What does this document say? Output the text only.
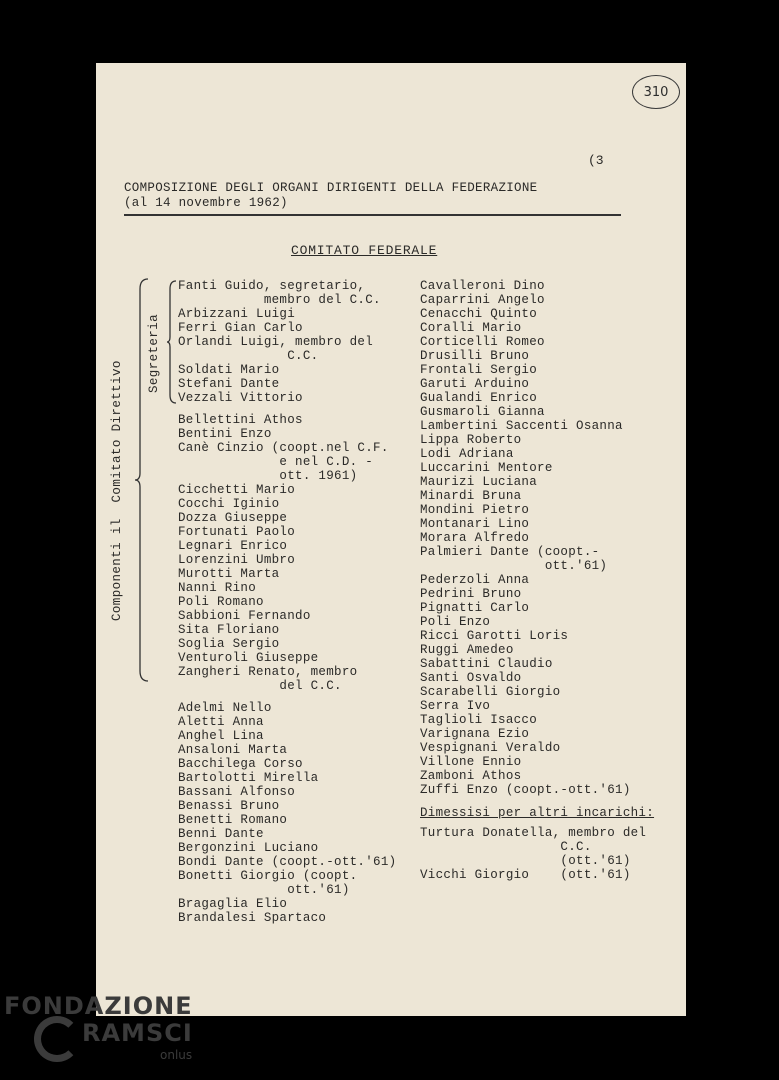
310
(3
COMPOSIZIONE DEGLI ORGANI DIRIGENTI DELLA FEDERAZIONE
(al 14 novembre 1962)
COMITATO FEDERALE
Componenti il  Comitato Direttivo
Segreteria
Fanti Guido, segretario,
membro del C.C.
Arbizzani Luigi
Ferri Gian Carlo
Orlandi Luigi, membro del
C.C.
Soldati Mario
Stefani Dante
Vezzali Vittorio
Bellettini Athos
Bentini Enzo
Canè Cinzio (coopt.nel C.F.
e nel C.D. -
ott. 1961)
Cicchetti Mario
Cocchi Iginio
Dozza Giuseppe
Fortunati Paolo
Legnari Enrico
Lorenzini Umbro
Murotti Marta
Nanni Rino
Poli Romano
Sabbioni Fernando
Sita Floriano
Soglia Sergio
Venturoli Giuseppe
Zangheri Renato, membro
del C.C.
Adelmi Nello
Aletti Anna
Anghel Lina
Ansaloni Marta
Bacchilega Corso
Bartolotti Mirella
Bassani Alfonso
Benassi Bruno
Benetti Romano
Benni Dante
Bergonzini Luciano
Bondi Dante (coopt.-ott.'61)
Bonetti Giorgio (coopt.
ott.'61)
Bragaglia Elio
Brandalesi Spartaco
Cavalleroni Dino
Caparrini Angelo
Cenacchi Quinto
Coralli Mario
Corticelli Romeo
Drusilli Bruno
Frontali Sergio
Garuti Arduino
Gualandi Enrico
Gusmaroli Gianna
Lambertini Saccenti Osanna
Lippa Roberto
Lodi Adriana
Luccarini Mentore
Maurizi Luciana
Minardi Bruna
Mondini Pietro
Montanari Lino
Morara Alfredo
Palmieri Dante (coopt.-
ott.'61)
Pederzoli Anna
Pedrini Bruno
Pignatti Carlo
Poli Enzo
Ricci Garotti Loris
Ruggi Amedeo
Sabattini Claudio
Santi Osvaldo
Scarabelli Giorgio
Serra Ivo
Taglioli Isacco
Varignana Ezio
Vespignani Veraldo
Villone Ennio
Zamboni Athos
Zuffi Enzo (coopt.-ott.'61)
Dimessisi per altri incarichi:
Turtura Donatella, membro del
C.C.
(ott.'61)
Vicchi Giorgio    (ott.'61)
FONDAZIONE
RAMSCI
onlus
